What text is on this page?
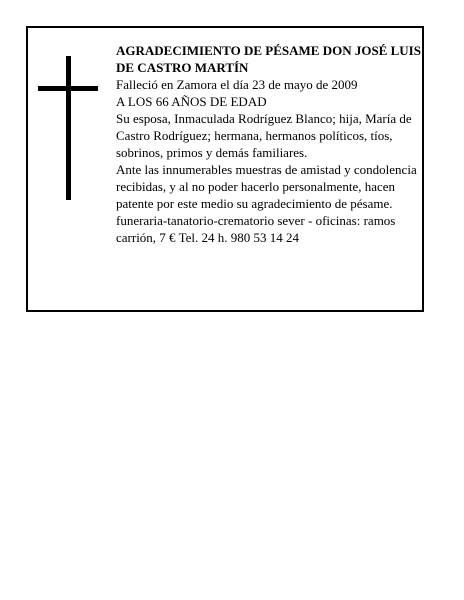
AGRADECIMIENTO DE PÉSAME DON JOSÉ LUIS DE CASTRO MARTÍN

Falleció en Zamora el día 23 de mayo de 2009

A LOS 66 AÑOS DE EDAD

Su esposa, Inmaculada Rodríguez Blanco; hija, María de Castro Rodríguez; hermana, hermanos políticos, tíos, sobrinos, primos y demás familiares.

Ante las innumerables muestras de amistad y condolencia recibidas, y al no poder hacerlo personalmente, hacen patente por este medio su agradecimiento de pésame.

funeraria-tanatorio-crematorio sever - oficinas: ramos carrión, 7 € Tel. 24 h. 980 53 14 24
